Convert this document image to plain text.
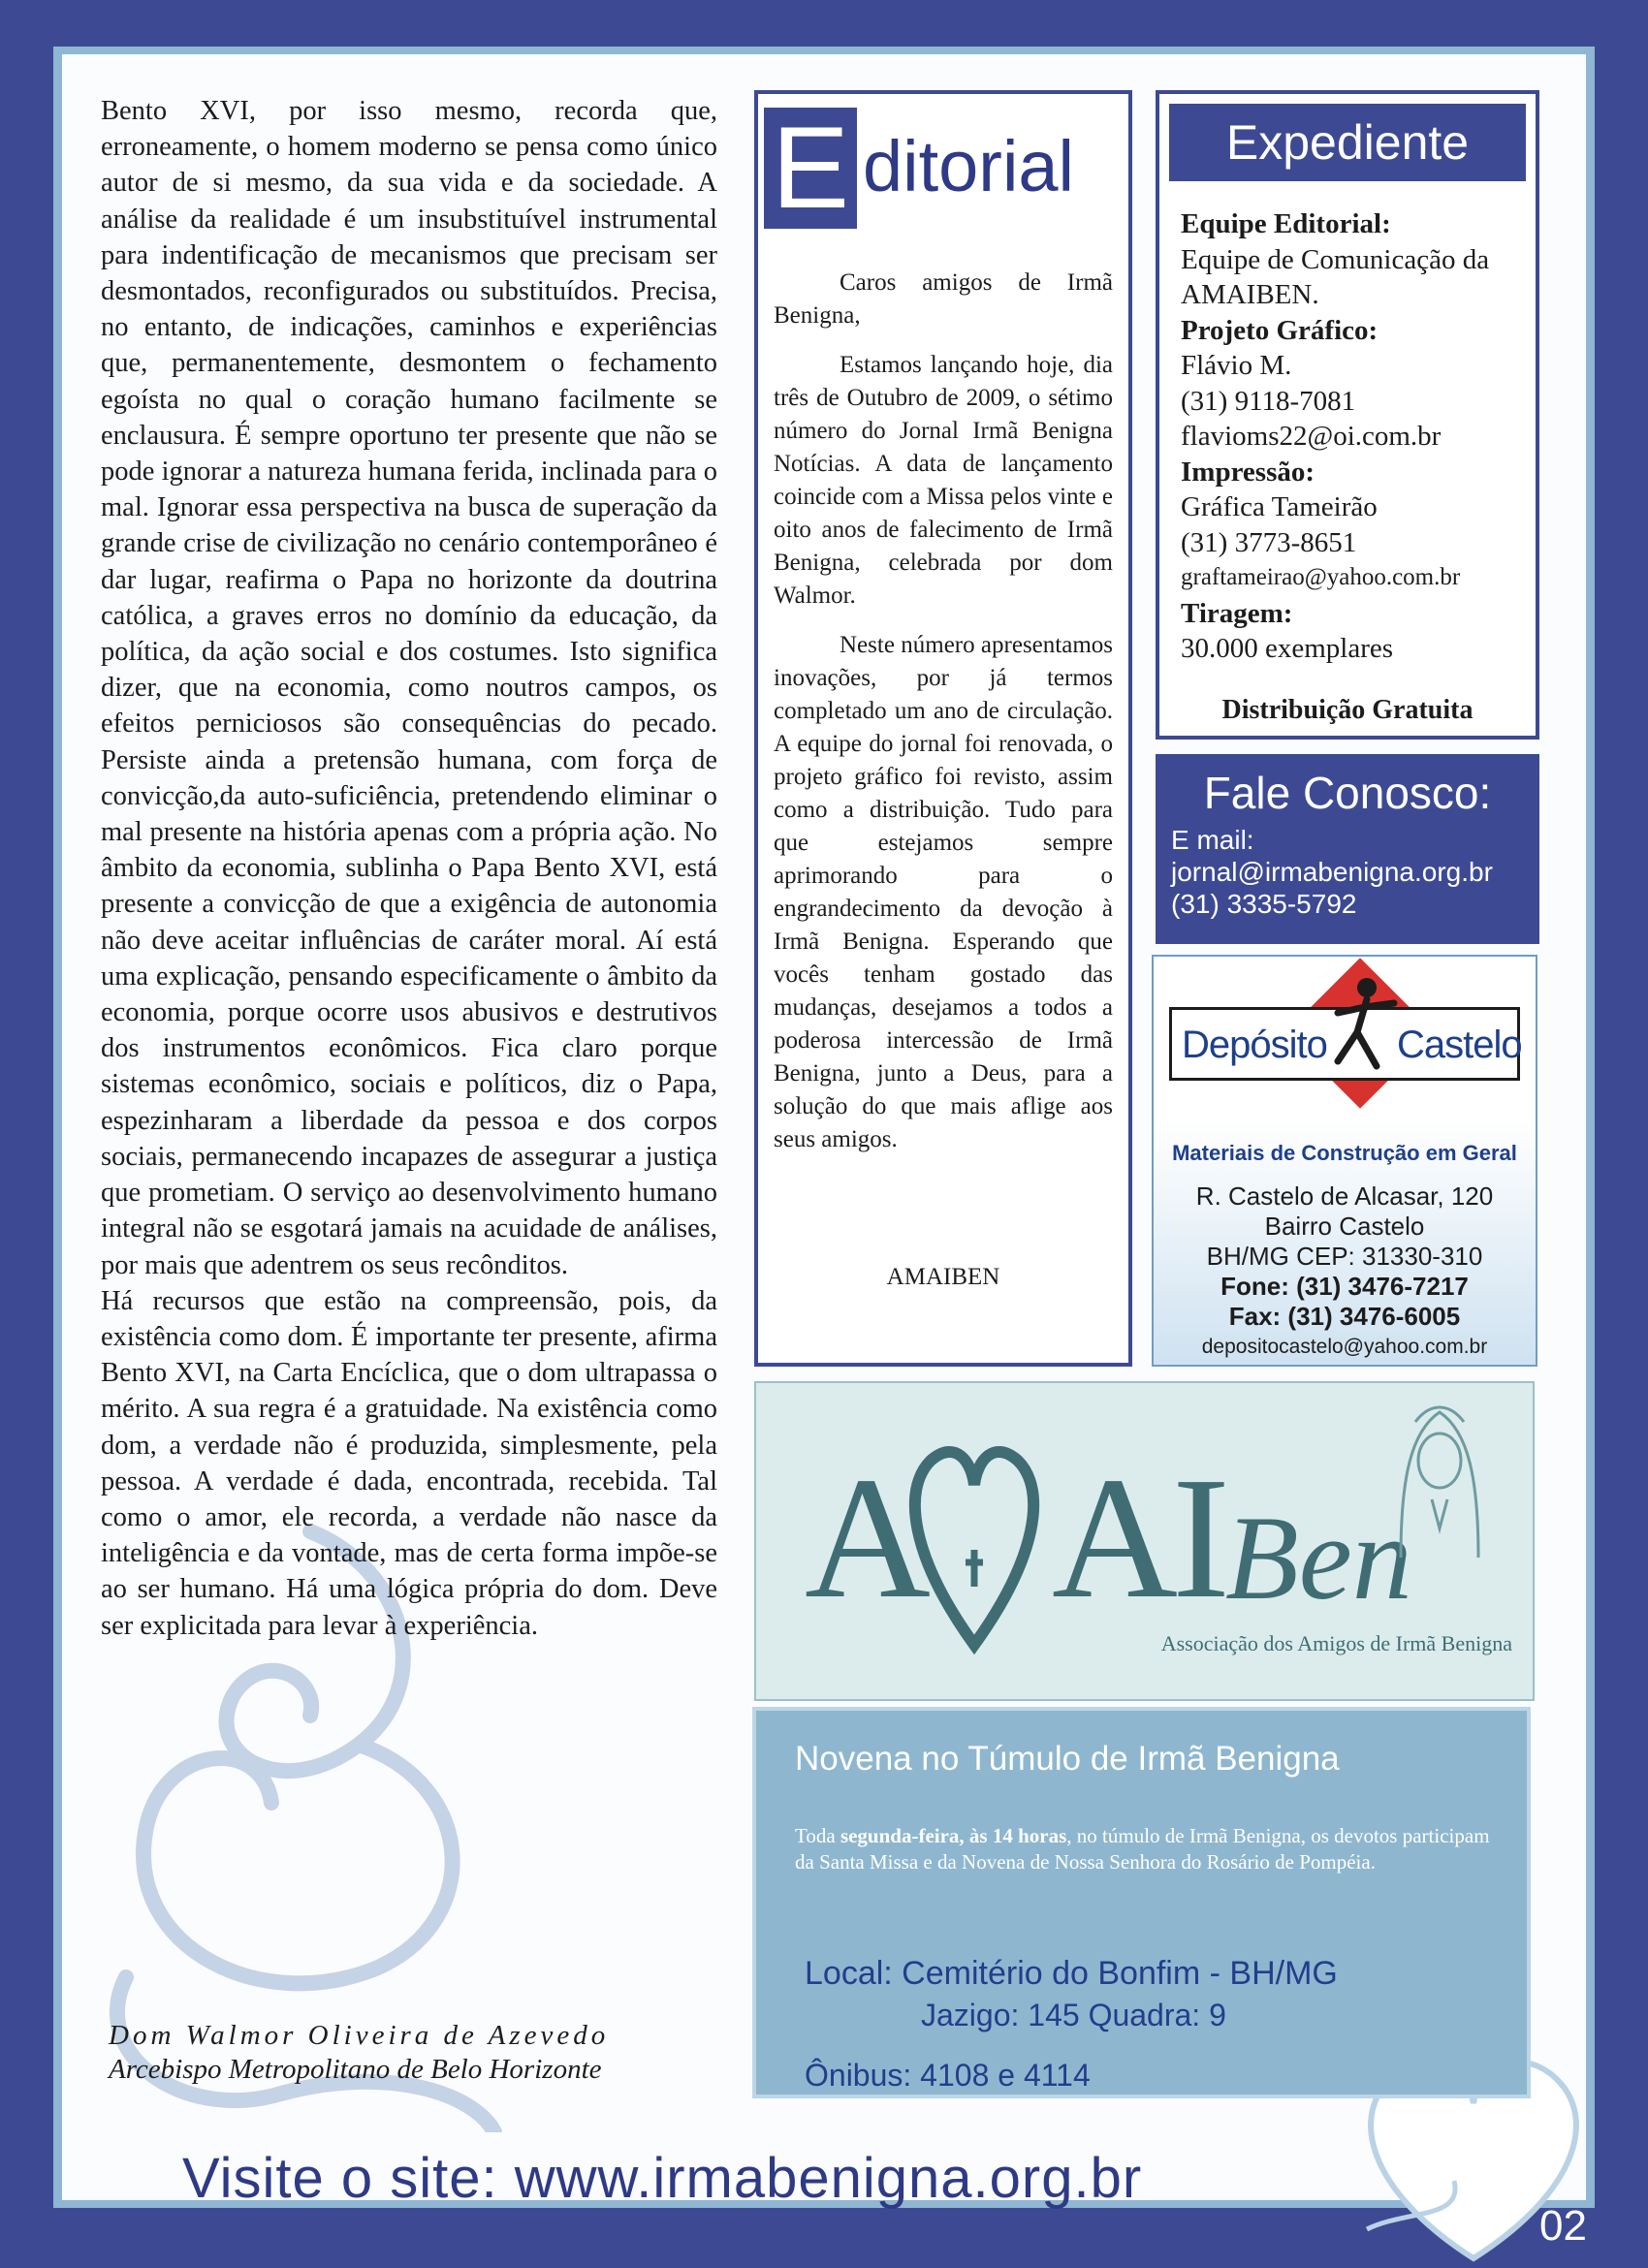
Bento XVI, por isso mesmo, recorda que, erroneamente, o homem moderno se pensa como único autor de si mesmo, da sua vida e da sociedade. A análise da realidade é um insubstituível instrumental para indentificação de mecanismos que precisam ser desmontados, reconfigurados ou substituídos. Precisa, no entanto, de indicações, caminhos e experiências que, permanentemente, desmontem o fechamento egoísta no qual o coração humano facilmente se enclausura. É sempre oportuno ter presente que não se pode ignorar a natureza humana ferida, inclinada para o mal. Ignorar essa perspectiva na busca de superação da grande crise de civilização no cenário contemporâneo é dar lugar, reafirma o Papa no horizonte da doutrina católica, a graves erros no domínio da educação, da política, da ação social e dos costumes. Isto significa dizer, que na economia, como noutros campos, os efeitos perniciosos são consequências do pecado. Persiste ainda a pretensão humana, com força de convicção,da auto-suficiência, pretendendo eliminar o mal presente na história apenas com a própria ação. No âmbito da economia, sublinha o Papa Bento XVI, está presente a convicção de que a exigência de autonomia não deve aceitar influências de caráter moral. Aí está uma explicação, pensando especificamente o âmbito da economia, porque ocorre usos abusivos e destrutivos dos instrumentos econômicos. Fica claro porque sistemas econômico, sociais e políticos, diz o Papa, espezinharam a liberdade da pessoa e dos corpos sociais, permanecendo incapazes de assegurar a justiça que prometiam. O serviço ao desenvolvimento humano integral não se esgotará jamais na acuidade de análises, por mais que adentrem os seus recônditos.

Há recursos que estão na compreensão, pois, da existência como dom. É importante ter presente, afirma Bento XVI, na Carta Encíclica, que o dom ultrapassa o mérito. A sua regra é a gratuidade. Na existência como dom, a verdade não é produzida, simplesmente, pela pessoa. A verdade é dada, encontrada, recebida. Tal como o amor, ele recorda, a verdade não nasce da inteligência e da vontade, mas de certa forma impõe-se ao ser humano. Há uma lógica própria do dom. Deve ser explicitada para levar à experiência.

Dom Walmor Oliveira de Azevedo
Arcebispo Metropolitano de Belo Horizonte
E ditorial

Caros amigos de Irmã Benigna,

Estamos lançando hoje, dia três de Outubro de 2009, o sétimo número do Jornal Irmã Benigna Notícias. A data de lançamento coincide com a Missa pelos vinte e oito anos de falecimento de Irmã Benigna, celebrada por dom Walmor.

Neste número apresentamos inovações, por já termos completado um ano de circulação. A equipe do jornal foi renovada, o projeto gráfico foi revisto, assim como a distribuição. Tudo para que estejamos sempre aprimorando para o engrandecimento da devoção à Irmã Benigna. Esperando que vocês tenham gostado das mudanças, desejamos a todos a poderosa intercessão de Irmã Benigna, junto a Deus, para a solução do que mais aflige aos seus amigos.

AMAIBEN
Expediente
Equipe Editorial:
Equipe de Comunicação da AMAIBEN.
Projeto Gráfico:
Flávio M.
(31) 9118-7081
flavioms22@oi.com.br
Impressão:
Gráfica Tameirão
(31) 3773-8651
graftameirao@yahoo.com.br
Tiragem:
30.000 exemplares
Distribuição Gratuita
Fale Conosco:
E mail:
jornal@irmabenigna.org.br
(31) 3335-5792
Depósito Castelo
Materiais de Construção em Geral
R. Castelo de Alcasar, 120
Bairro Castelo
BH/MG CEP: 31330-310
Fone: (31) 3476-7217
Fax: (31) 3476-6005
depositocastelo@yahoo.com.br
A AI Ben
Associação dos Amigos de Irmã Benigna
Novena no Túmulo de Irmã Benigna
Toda segunda-feira, às 14 horas, no túmulo de Irmã Benigna, os devotos participam da Santa Missa e da Novena de Nossa Senhora do Rosário de Pompéia.
Local: Cemitério do Bonfim - BH/MG
Jazigo: 145 Quadra: 9
Ônibus: 4108 e 4114
Visite o site: www.irmabenigna.org.br
02
